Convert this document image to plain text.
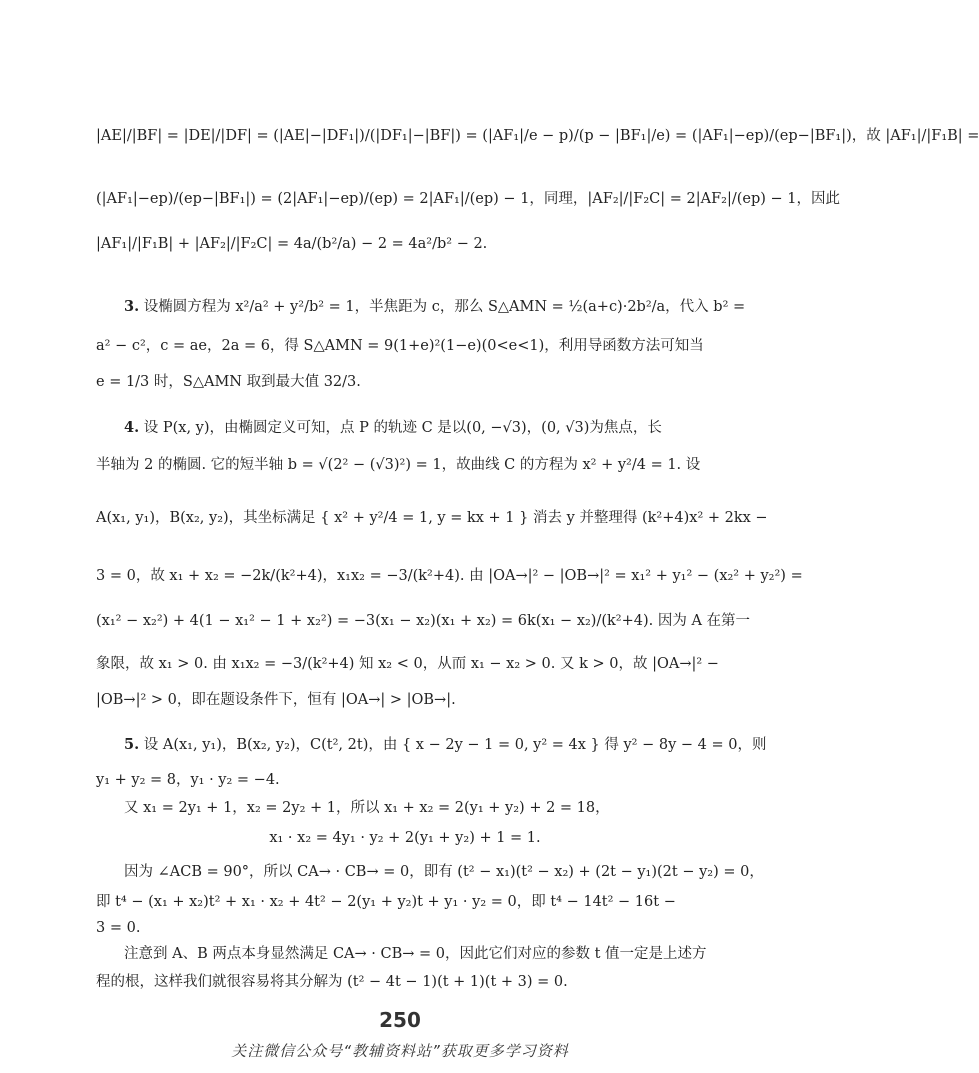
|AE|/|BF| = |DE|/|DF| = (|AE|−|DF₁|)/(|DF₁|−|BF|) = (|AF₁|/e − p)/(p − |BF₁|/e) = (|AF₁|−ep)/(ep−|BF₁|)，故 |AF₁|/|F₁B| =
(|AF₁|−ep)/(ep−|BF₁|) = (2|AF₁|−ep)/(ep) = 2|AF₁|/(ep) − 1，同理，|AF₂|/|F₂C| = 2|AF₂|/(ep) − 1，因此
|AF₁|/|F₁B| + |AF₂|/|F₂C| = 4a/(b²/a) − 2 = 4a²/b² − 2.
3. 设椭圆方程为 x²/a² + y²/b² = 1，半焦距为 c，那么 S△AMN = ½(a+c)·2b²/a，代入 b² =
a² − c²，c = ae，2a = 6，得 S△AMN = 9(1+e)²(1−e)(0<e<1)，利用导函数方法可知当
e = 1/3 时，S△AMN 取到最大值 32/3.
4. 设 P(x, y)，由椭圆定义可知，点 P 的轨迹 C 是以(0, −√3)，(0, √3)为焦点，长
半轴为 2 的椭圆. 它的短半轴 b = √(2² − (√3)²) = 1，故曲线 C 的方程为 x² + y²/4 = 1. 设
A(x₁, y₁)，B(x₂, y₂)，其坐标满足 { x² + y²/4 = 1, y = kx + 1 } 消去 y 并整理得 (k²+4)x² + 2kx −
3 = 0，故 x₁ + x₂ = −2k/(k²+4)，x₁x₂ = −3/(k²+4). 由 |OA→|² − |OB→|² = x₁² + y₁² − (x₂² + y₂²) =
(x₁² − x₂²) + 4(1 − x₁² − 1 + x₂²) = −3(x₁ − x₂)(x₁ + x₂) = 6k(x₁ − x₂)/(k²+4). 因为 A 在第一
象限，故 x₁ > 0. 由 x₁x₂ = −3/(k²+4) 知 x₂ < 0，从而 x₁ − x₂ > 0. 又 k > 0，故 |OA→|² −
|OB→|² > 0，即在题设条件下，恒有 |OA→| > |OB→|.
5. 设 A(x₁, y₁)，B(x₂, y₂)，C(t², 2t)，由 { x − 2y − 1 = 0, y² = 4x } 得 y² − 8y − 4 = 0，则
y₁ + y₂ = 8，y₁ · y₂ = −4.
又 x₁ = 2y₁ + 1，x₂ = 2y₂ + 1，所以 x₁ + x₂ = 2(y₁ + y₂) + 2 = 18，
x₁ · x₂ = 4y₁ · y₂ + 2(y₁ + y₂) + 1 = 1.
因为 ∠ACB = 90°，所以 CA→ · CB→ = 0，即有 (t² − x₁)(t² − x₂) + (2t − y₁)(2t − y₂) = 0，
即 t⁴ − (x₁ + x₂)t² + x₁ · x₂ + 4t² − 2(y₁ + y₂)t + y₁ · y₂ = 0，即 t⁴ − 14t² − 16t −
3 = 0.
注意到 A、B 两点本身显然满足 CA→ · CB→ = 0，因此它们对应的参数 t 值一定是上述方
程的根，这样我们就很容易将其分解为 (t² − 4t − 1)(t + 1)(t + 3) = 0.
250
关注微信公众号“教辅资料站”获取更多学习资料
